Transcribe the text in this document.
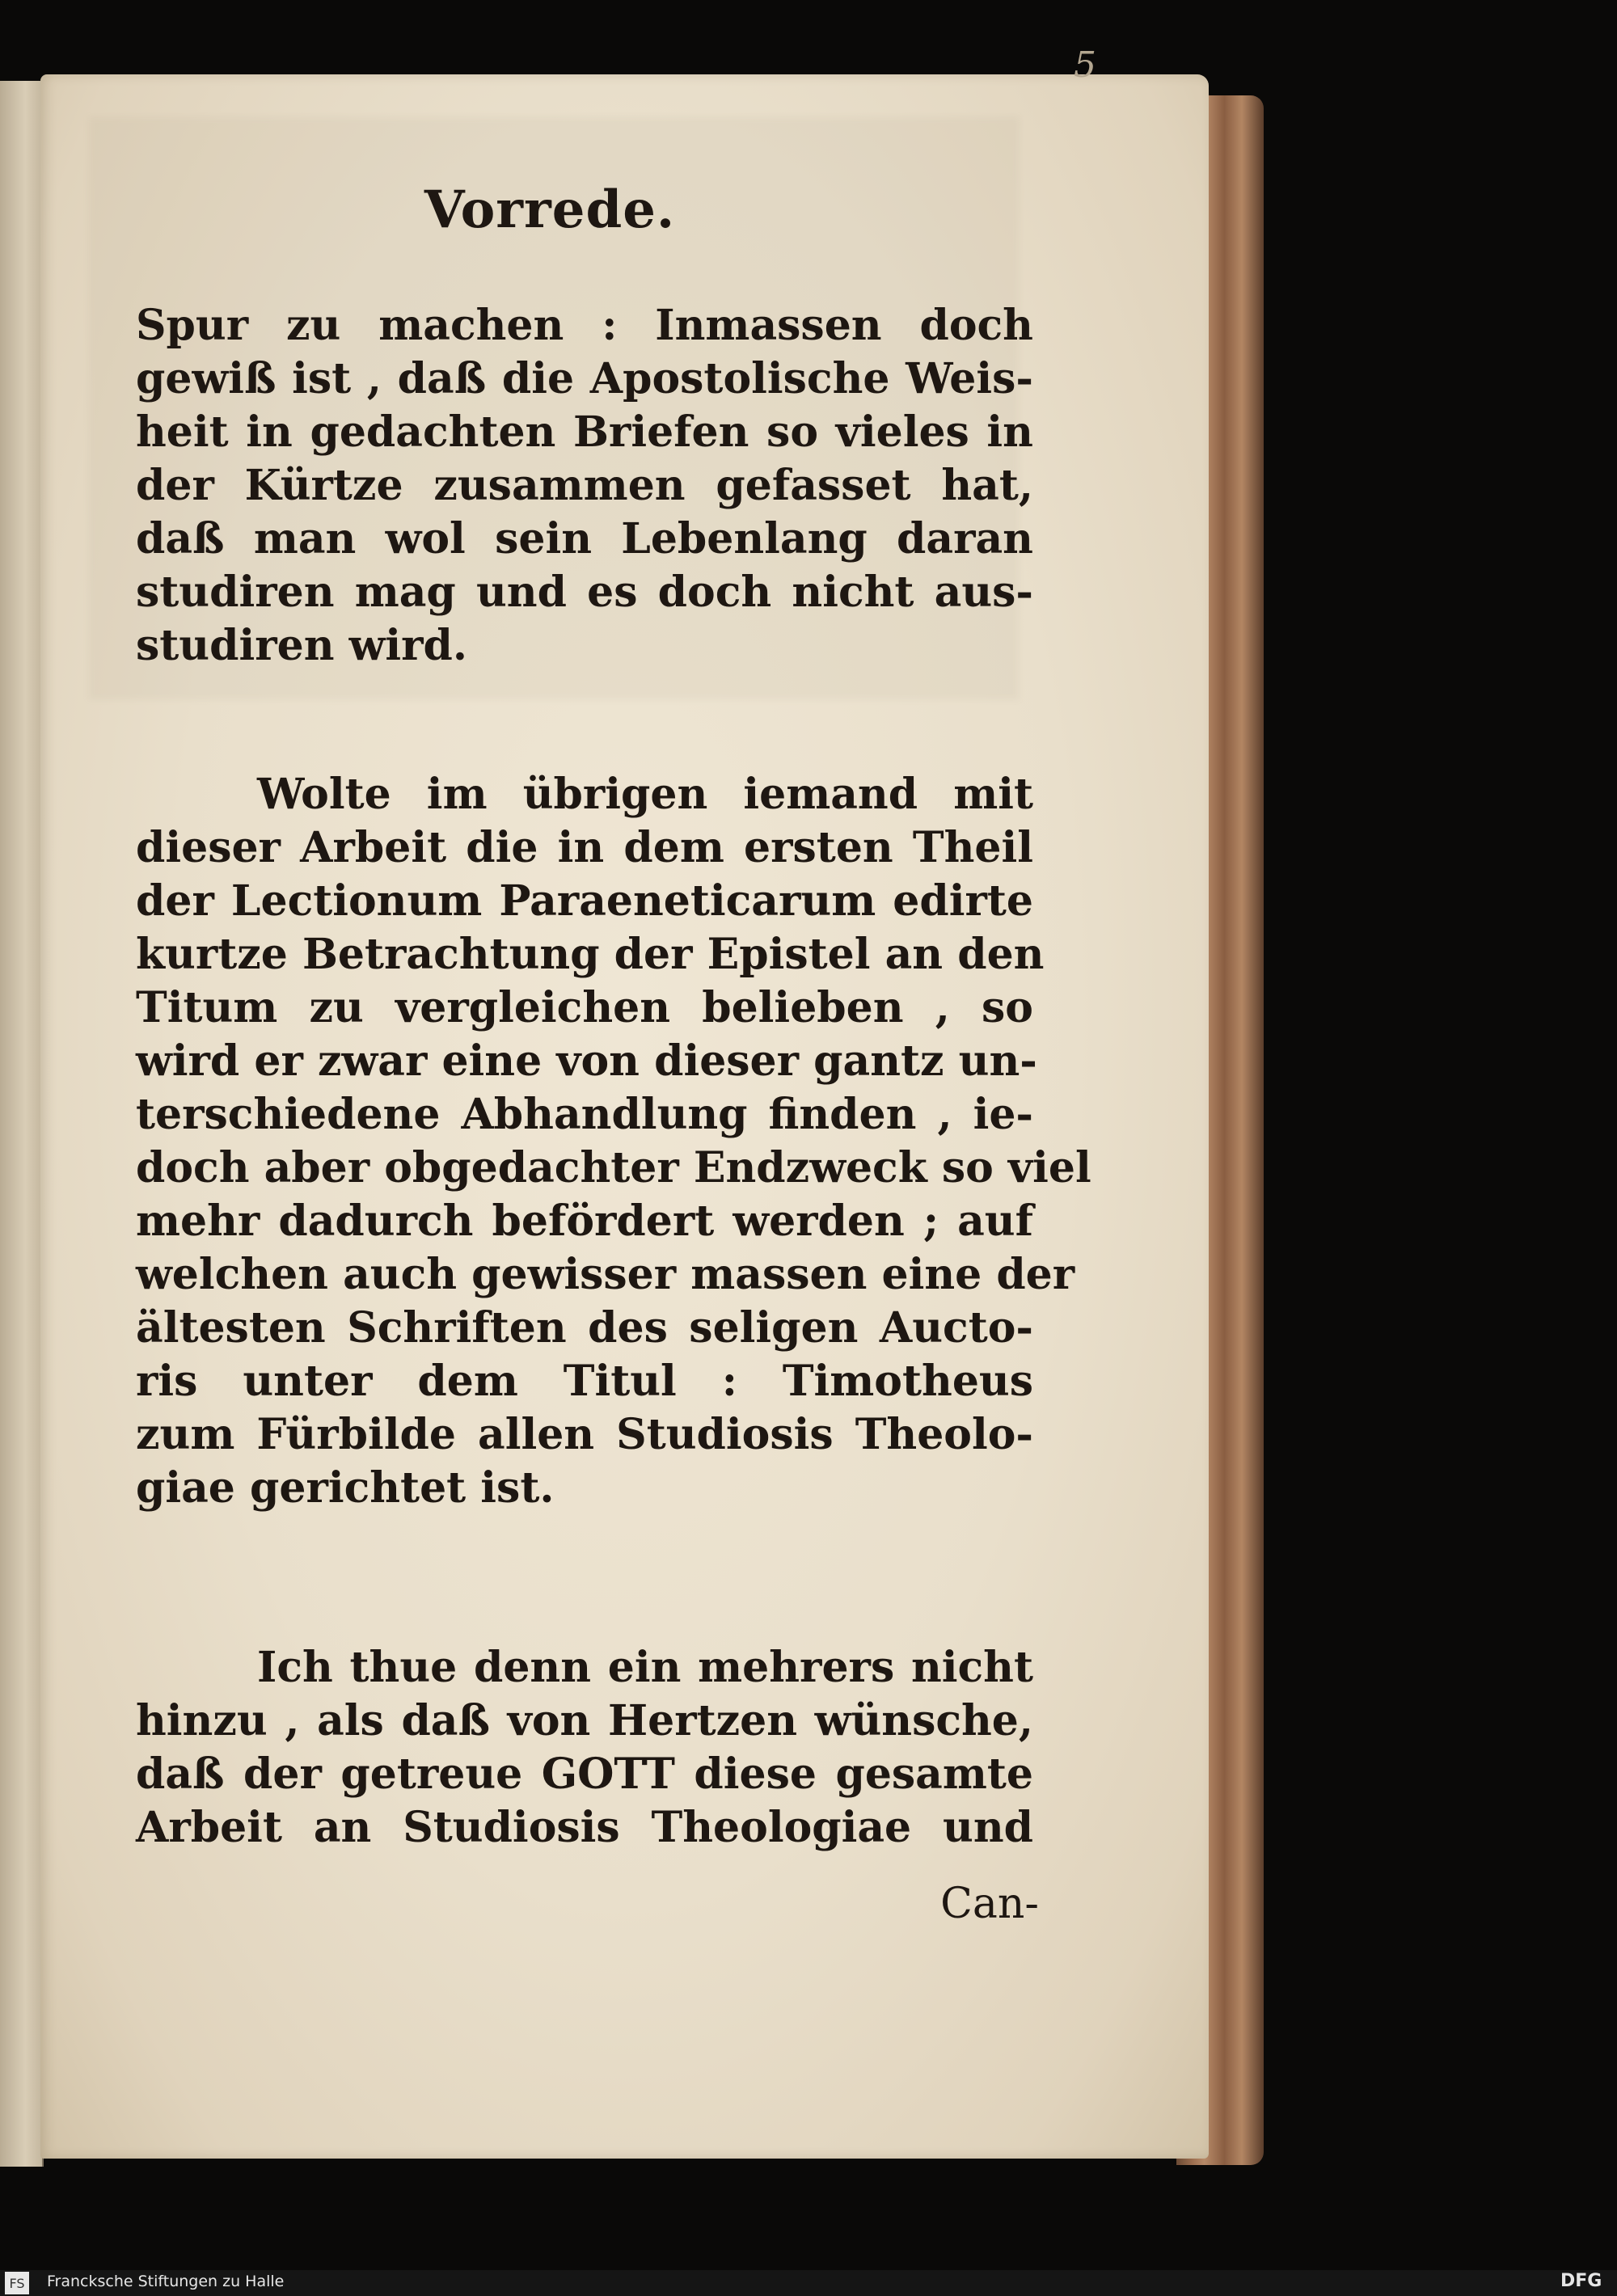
5
Vorrede.
Spur zu machen : Inmassen doch
gewiß ist , daß die Apostolische Weis-
heit in gedachten Briefen so vieles in
der Kürtze zusammen gefasset hat,
daß man wol sein Lebenlang daran
studiren mag und es doch nicht aus-
studiren wird.
Wolte im übrigen iemand mit
dieser Arbeit die in dem ersten Theil
der Lectionum Paraeneticarum edirte
kurtze Betrachtung der Epistel an den
Titum zu vergleichen belieben , so
wird er zwar eine von dieser gantz un-
terschiedene Abhandlung finden , ie-
doch aber obgedachter Endzweck so viel
mehr dadurch befördert werden ; auf
welchen auch gewisser massen eine der
ältesten Schriften des seligen Aucto-
ris unter dem Titul : Timotheus
zum Fürbilde allen Studiosis Theolo-
giae gerichtet ist.
Ich thue denn ein mehrers nicht
hinzu , als daß von Hertzen wünsche,
daß der getreue GOTT diese gesamte
Arbeit an Studiosis Theologiae und
Can-
FS Francksche Stiftungen zu Halle	DFG
